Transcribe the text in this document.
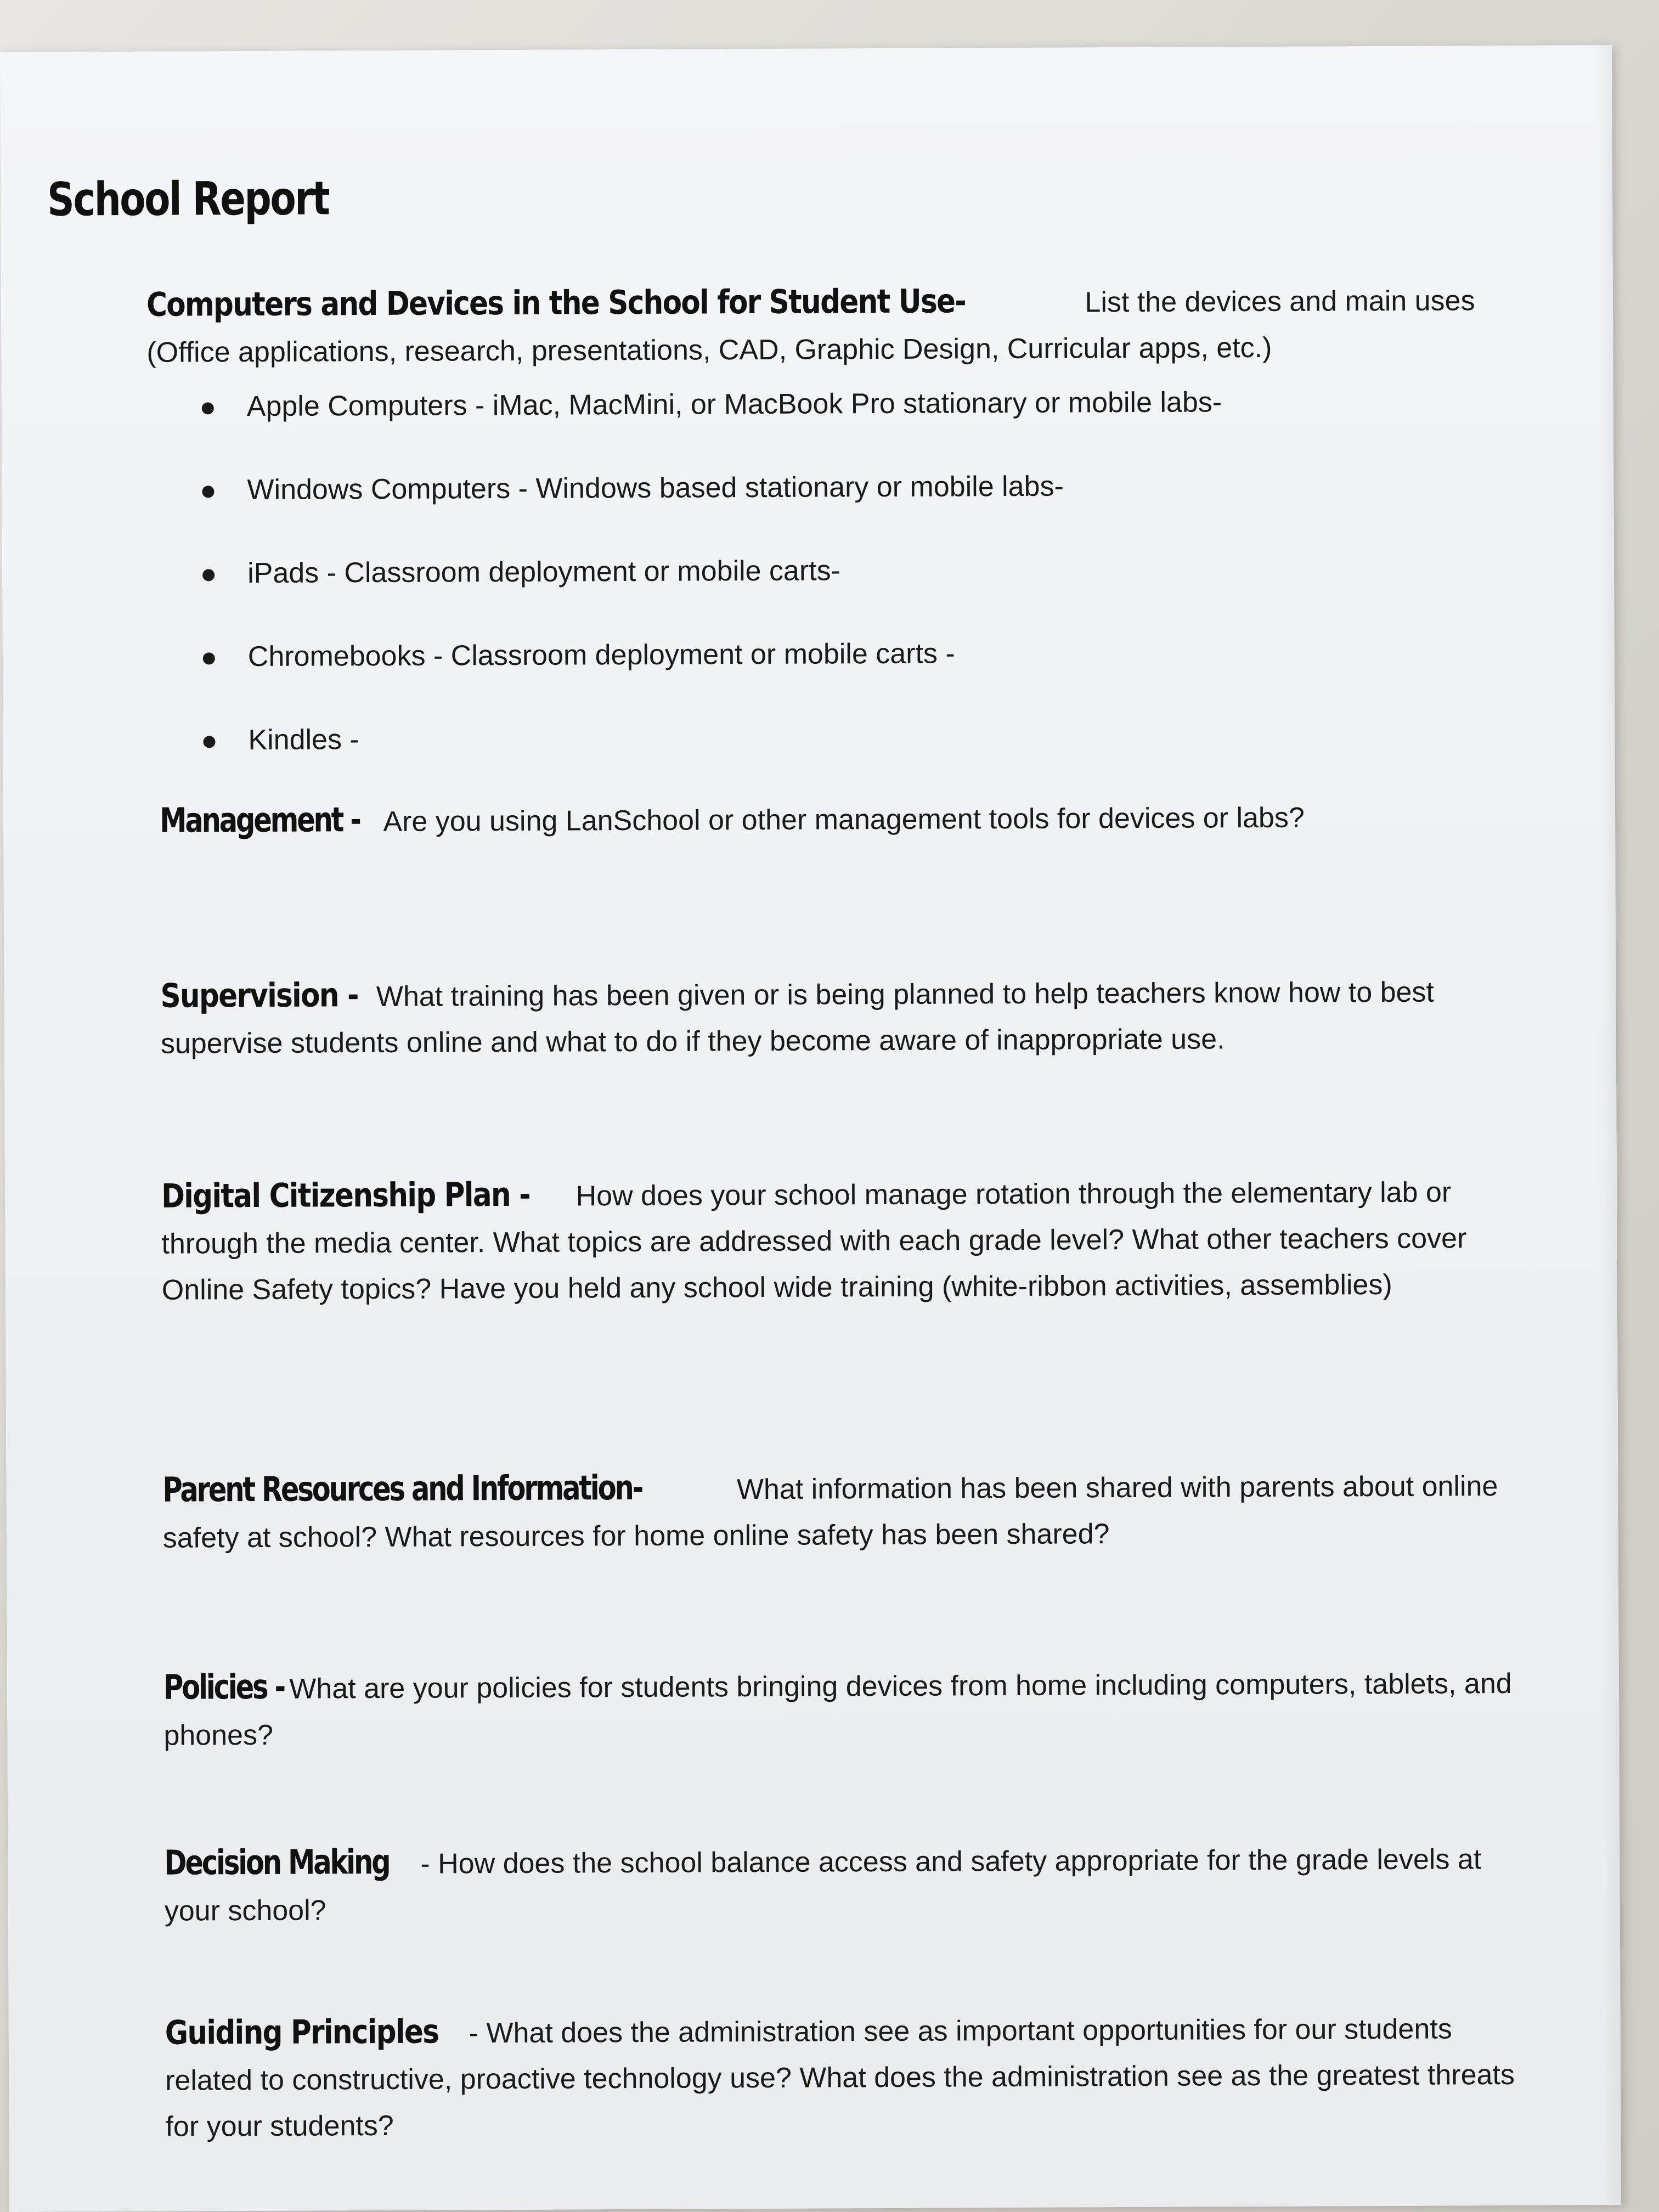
School Report
Computers and Devices in the School for Student Use-	List the devices and main uses (Office applications, research, presentations, CAD, Graphic Design, Curricular apps, etc.)
Apple Computers - iMac, MacMini, or MacBook Pro stationary or mobile labs-
Windows Computers - Windows based stationary or mobile labs-
iPads - Classroom deployment or mobile carts-
Chromebooks - Classroom deployment or mobile carts -
Kindles -
Management - Are you using LanSchool or other management tools for devices or labs?
Supervision - What training has been given or is being planned to help teachers know how to best supervise students online and what to do if they become aware of inappropriate use.
Digital Citizenship Plan - How does your school manage rotation through the elementary lab or through the media center. What topics are addressed with each grade level? What other teachers cover Online Safety topics? Have you held any school wide training (white-ribbon activities, assemblies)
Parent Resources and Information-	What information has been shared with parents about online safety at school? What resources for home online safety has been shared?
Policies - What are your policies for students bringing devices from home including computers, tablets, and phones?
Decision Making - How does the school balance access and safety appropriate for the grade levels at your school?
Guiding Principles - What does the administration see as important opportunities for our students related to constructive, proactive technology use? What does the administration see as the greatest threats for your students?
